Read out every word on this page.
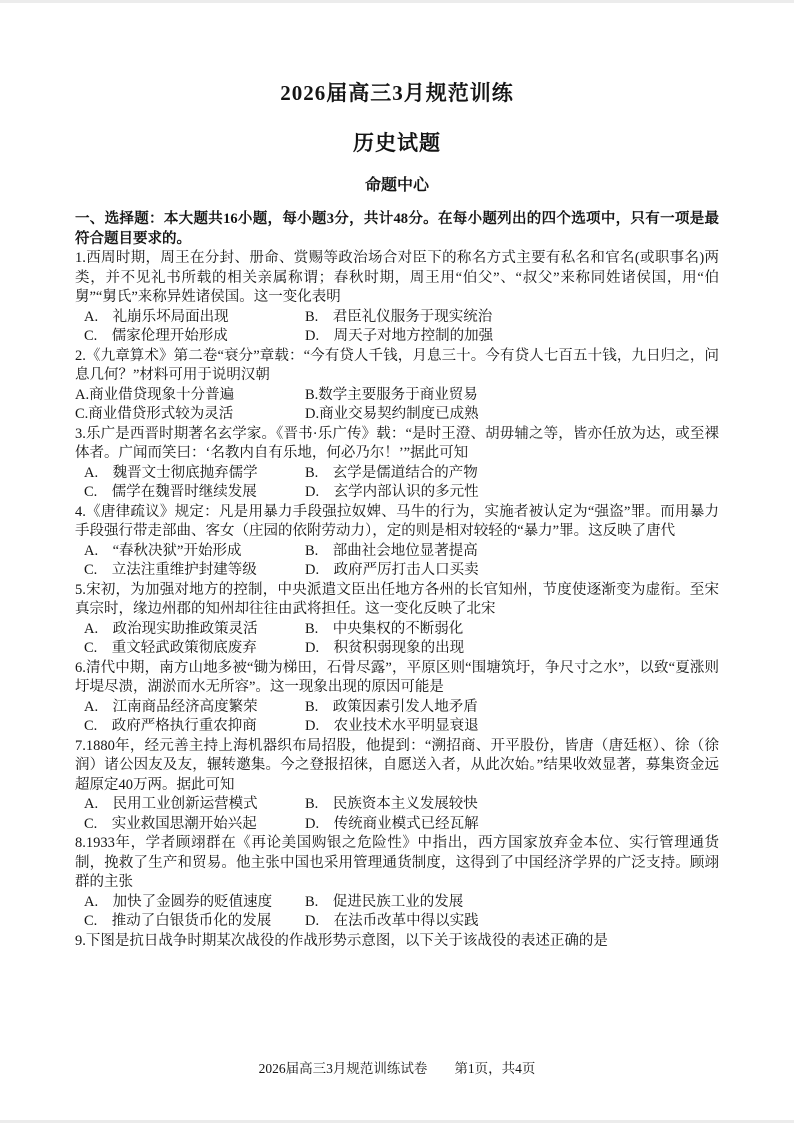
2026届高三3月规范训练
历史试题
命题中心

一、选择题：本大题共16小题，每小题3分，共计48分。在每小题列出的四个选项中，只有一项是最符合题目要求的。

1.西周时期，周王在分封、册命、赏赐等政治场合对臣下的称名方式主要有私名和官名(或职事名)两类，并不见礼书所载的相关亲属称谓；春秋时期，周王用“伯父”、“叔父”来称同姓诸侯国，用“伯舅”“舅氏”来称异姓诸侯国。这一变化表明

A.　礼崩乐坏局面出现	B.　君臣礼仪服务于现实统治
C.　儒家伦理开始形成	D.　周天子对地方控制的加强

2.《九章算术》第二卷“衰分”章载：“今有贷人千钱，月息三十。今有贷人七百五十钱，九日归之，问息几何？”材料可用于说明汉朝

A.商业借贷现象十分普遍	B.数学主要服务于商业贸易
C.商业借贷形式较为灵活	D.商业交易契约制度已成熟

3.乐广是西晋时期著名玄学家。《晋书·乐广传》载：“是时王澄、胡毋辅之等，皆亦任放为达，或至裸体者。广闻而笑曰：‘名教内自有乐地，何必乃尔！’”据此可知

A.　魏晋文士彻底抛弃儒学	B.　玄学是儒道结合的产物
C.　儒学在魏晋时继续发展	D.　玄学内部认识的多元性

4.《唐律疏议》规定：凡是用暴力手段强拉奴婢、马牛的行为，实施者被认定为“强盗”罪。而用暴力手段强行带走部曲、客女（庄园的依附劳动力），定的则是相对较轻的“暴力”罪。这反映了唐代

A.　“春秋决狱”开始形成	B.　部曲社会地位显著提高
C.　立法注重维护封建等级	D.　政府严厉打击人口买卖

5.宋初，为加强对地方的控制，中央派遣文臣出任地方各州的长官知州，节度使逐渐变为虚衔。至宋真宗时，缘边州郡的知州却往往由武将担任。这一变化反映了北宋

A.　政治现实助推政策灵活	B.　中央集权的不断弱化
C.　重文轻武政策彻底废弃	D.　积贫积弱现象的出现

6.清代中期，南方山地多被“锄为梯田，石骨尽露”，平原区则“围塘筑圩，争尺寸之水”，以致“夏涨则圩堤尽溃，湖淤而水无所容”。这一现象出现的原因可能是

A.　江南商品经济高度繁荣	B.　政策因素引发人地矛盾
C.　政府严格执行重农抑商	D.　农业技术水平明显衰退

7.1880年，经元善主持上海机器织布局招股，他提到：“溯招商、开平股份，皆唐（唐廷枢）、徐（徐润）诸公因友及友，辗转邀集。今之登报招徕，自愿送入者，从此次始。”结果收效显著，募集资金远超原定40万两。据此可知

A.　民用工业创新运营模式	B.　民族资本主义发展较快
C.　实业救国思潮开始兴起	D.　传统商业模式已经瓦解

8.1933年，学者顾翊群在《再论美国购银之危险性》中指出，西方国家放弃金本位、实行管理通货制，挽救了生产和贸易。他主张中国也采用管理通货制度，这得到了中国经济学界的广泛支持。顾翊群的主张

A.　加快了金圆券的贬值速度	B.　促进民族工业的发展
C.　推动了白银货币化的发展	D.　在法币改革中得以实践

9.下图是抗日战争时期某次战役的作战形势示意图，以下关于该战役的表述正确的是

2026届高三3月规范训练试卷　　第1页，共4页
